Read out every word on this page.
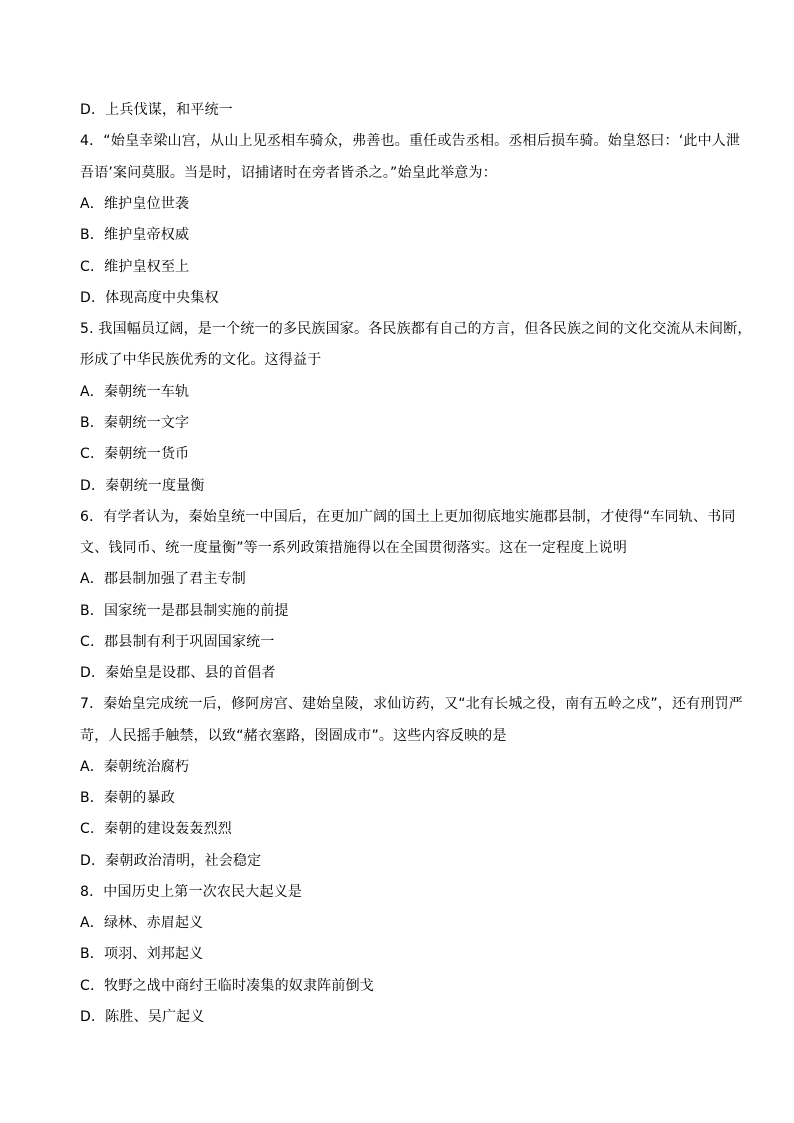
D．上兵伐谋，和平统一
4．“始皇幸梁山宫，从山上见丞相车骑众，弗善也。重任或告丞相。丞相后损车骑。始皇怒曰：‘此中人泄
吾语’案问莫服。当是时，诏捕诸时在旁者皆杀之。”始皇此举意为：
A．维护皇位世袭
B．维护皇帝权威
C．维护皇权至上
D．体现高度中央集权
5. 我国幅员辽阔，是一个统一的多民族国家。各民族都有自己的方言，但各民族之间的文化交流从未间断，
形成了中华民族优秀的文化。这得益于
A．秦朝统一车轨
B．秦朝统一文字
C．秦朝统一货币
D．秦朝统一度量衡
6．有学者认为，秦始皇统一中国后，在更加广阔的国土上更加彻底地实施郡县制，才使得“车同轨、书同
文、钱同币、统一度量衡”等一系列政策措施得以在全国贯彻落实。这在一定程度上说明
A．郡县制加强了君主专制
B．国家统一是郡县制实施的前提
C．郡县制有利于巩固国家统一
D．秦始皇是设郡、县的首倡者
7．秦始皇完成统一后，修阿房宫、建始皇陵，求仙访药，又“北有长城之役，南有五岭之戍”，还有刑罚严
苛，人民摇手触禁，以致“赭衣塞路，囹圄成市”。这些内容反映的是
A．秦朝统治腐朽
B．秦朝的暴政
C．秦朝的建设轰轰烈烈
D．秦朝政治清明，社会稳定
8．中国历史上第一次农民大起义是
A．绿林、赤眉起义
B．项羽、刘邦起义
C．牧野之战中商纣王临时凑集的奴隶阵前倒戈
D．陈胜、吴广起义
